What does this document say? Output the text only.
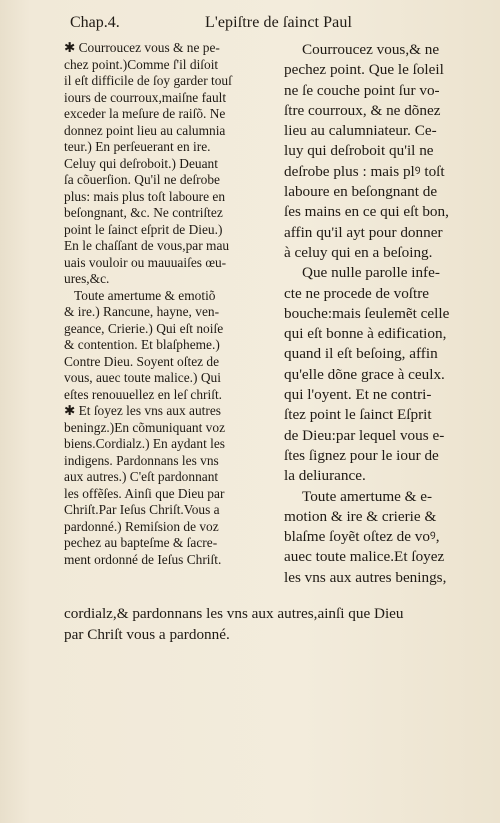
Chap.4.	L'epiſtre de ſainct Paul
✱ Courroucez vous & ne pe-
chez point.)Comme ſ'il diſoit
il eſt difficile de ſoy garder touſ
iours de courroux,maiſne fault
exceder la meſure de raiſõ. Ne
donnez point lieu au calumnia
teur.) En perſeuerant en ire.
Celuy qui deſroboit.) Deuant
ſa cõuerſion. Qu'il ne deſrobe
plus: mais plus toſt laboure en
beſongnant, &c. Ne contriſtez
point le ſainct eſprit de Dieu.)
En le chaſſant de vous,par mau
uais vouloir ou mauuaiſes œu-
ures,&c.
Toute amertume & emotiõ
& ire.) Rancune, hayne, ven-
geance, Crierie.) Qui eſt noiſe
& contention. Et blaſpheme.)
Contre Dieu. Soyent oſtez de
vous, auec toute malice.) Qui
eſtes renouuellez en leſ chriſt.
✱ Et ſoyez les vns aux autres
beningz.)En cõmuniquant voz
biens.Cordialz.) En aydant les
indigens. Pardonnans les vns
aux autres.) C'eſt pardonnant
les offẽſes. Ainſi que Dieu par
Chriſt.Par Ieſus Chriſt.Vous a
pardonné.) Remiſsion de voz
pechez au bapteſme & ſacre-
ment ordonné de Ieſus Chriſt.
Courroucez vous,& ne
pechez point. Que le ſoleil
ne ſe couche point ſur vo-
ſtre courroux, & ne dõnez
lieu au calumniateur. Ce-
luy qui deſroboit qu'il ne
deſrobe plus : mais plꝰ toſt
laboure en beſongnant de
ſes mains en ce qui eſt bon,
affin qu'il ayt pour donner
à celuy qui en a beſoing.
Que nulle parolle infe-
cte ne procede de voſtre
bouche:mais ſeulemẽt celle
qui eſt bonne à edification,
quand il eſt beſoing, affin
qu'elle dõne grace à ceulx.
qui l'oyent. Et ne contri-
ſtez point le ſainct Eſprit
de Dieu:par lequel vous e-
ſtes ſignez pour le iour de
la deliurance.
Toute amertume & e-
motion & ire & crierie &
blaſme ſoyẽt oſtez de voꝰ,
auec toute malice.Et ſoyez
les vns aux autres benings,
cordialz,& pardonnans les vns aux autres,ainſi que Dieu
par Chriſt vous a pardonné.
